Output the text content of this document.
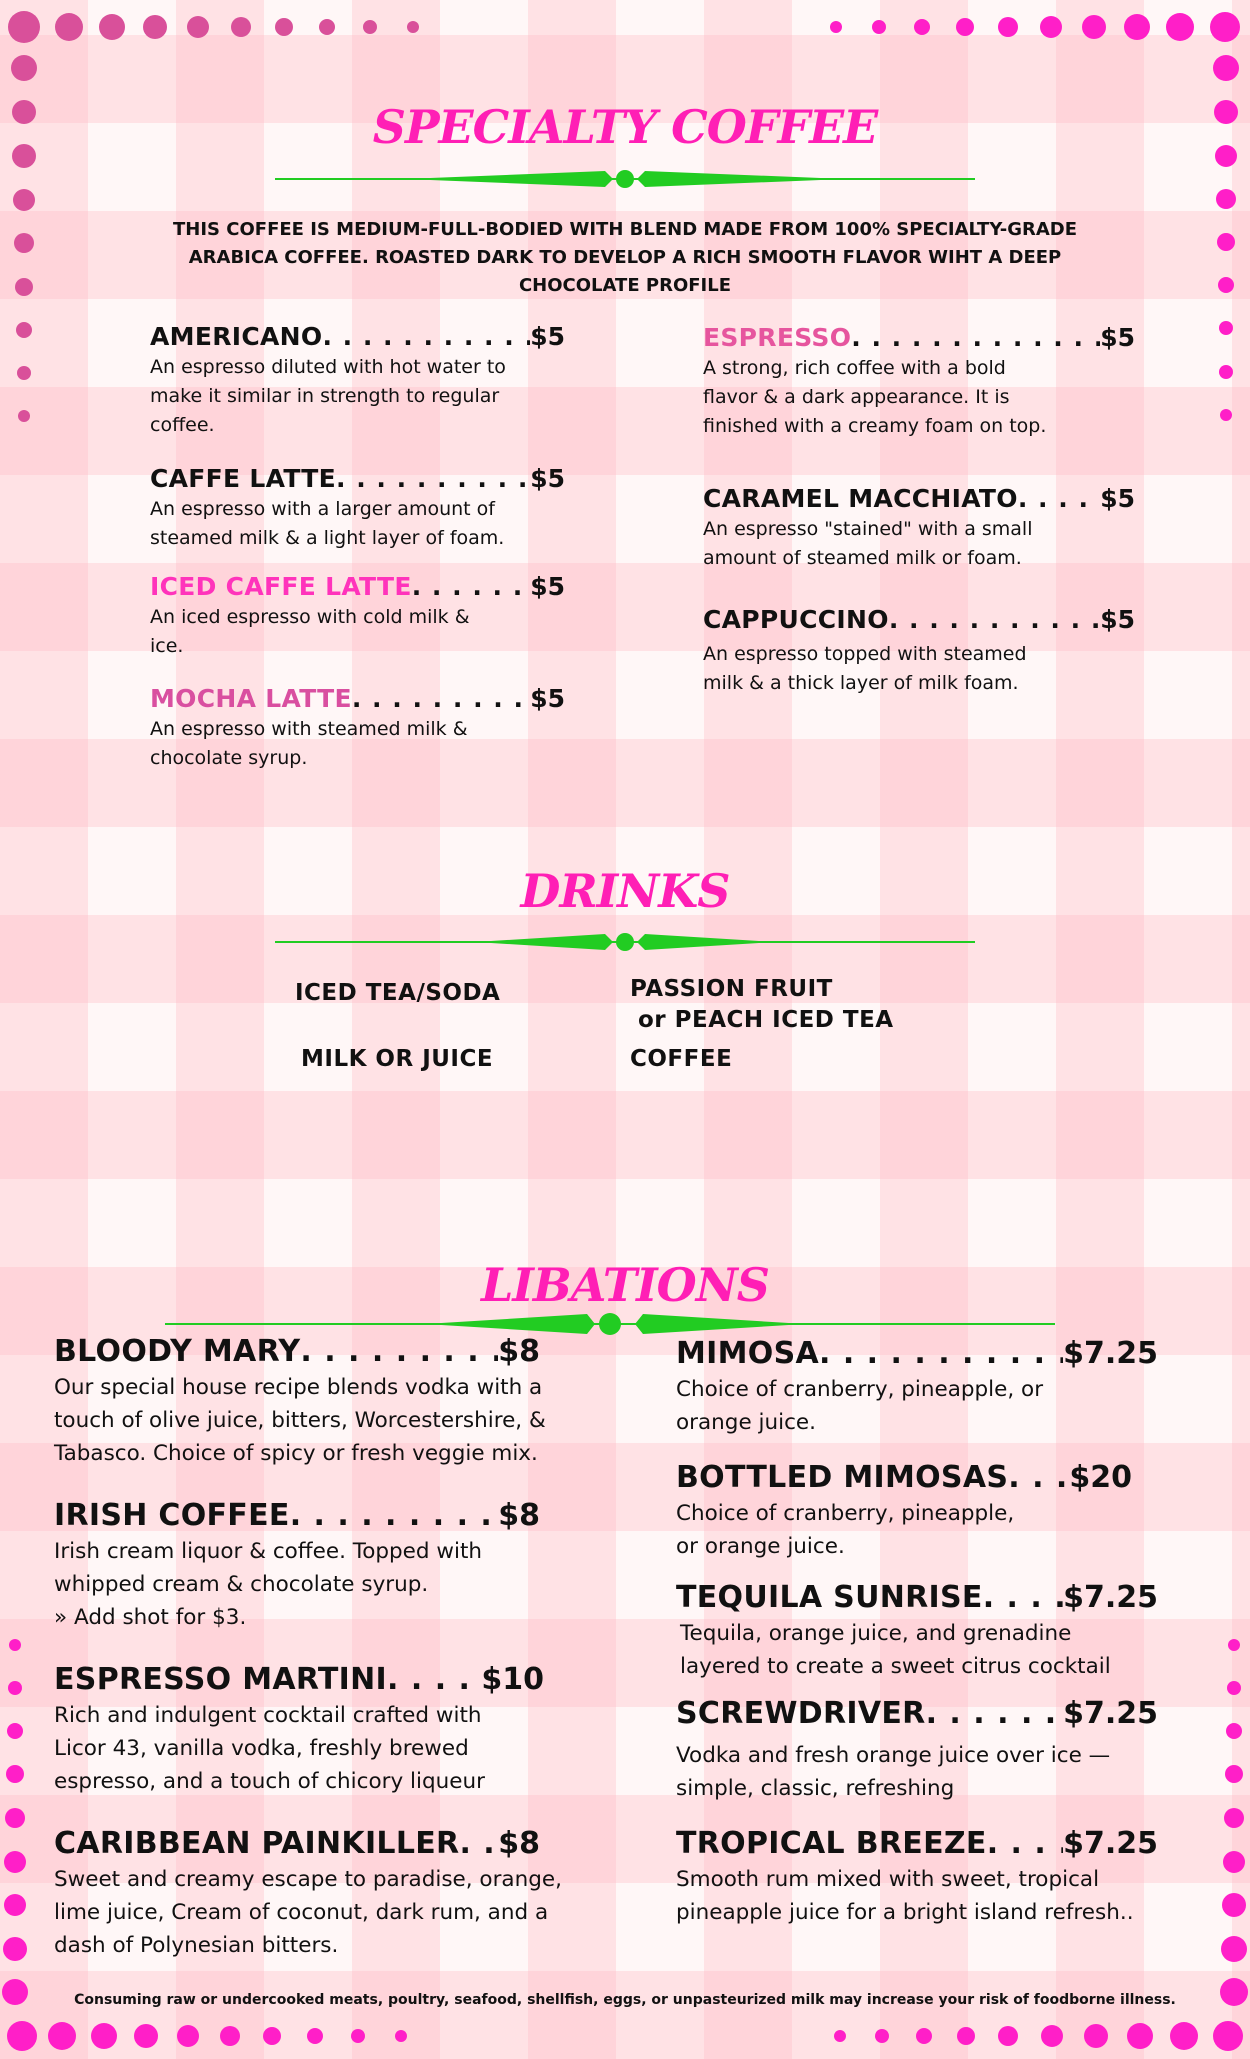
SPECIALTY COFFEE

THIS COFFEE IS MEDIUM-FULL-BODIED WITH BLEND MADE FROM 100% SPECIALTY-GRADE ARABICA COFFEE. ROASTED DARK TO DEVELOP A RICH SMOOTH FLAVOR WIHT A DEEP CHOCOLATE PROFILE

AMERICANO . . .	$5
An espresso diluted with hot water to make it similar in strength to regular coffee.
CAFFE LATTE . . .	$5
An espresso with a larger amount of steamed milk & a light layer of foam.
ICED CAFFE LATTE . . .	$5
An iced espresso with cold milk & ice.
MOCHA LATTE . . .	$5
An espresso with steamed milk & chocolate syrup.
ESPRESSO . . .	$5
A strong, rich coffee with a bold flavor & a dark appearance. It is finished with a creamy foam on top.
CARAMEL MACCHIATO . . .	$5
An espresso "stained" with a small amount of steamed milk or foam.
CAPPUCCINO . . .	$5
An espresso topped with steamed milk & a thick layer of milk foam.
DRINKS
ICED TEA/SODA
MILK OR JUICE
PASSION FRUIT
or PEACH ICED TEA
COFFEE
LIBATIONS
BLOODY MARY . . .	$8
Our special house recipe blends vodka with a touch of olive juice, bitters, Worcestershire, & Tabasco. Choice of spicy or fresh veggie mix.
IRISH COFFEE . . .	$8
Irish cream liquor & coffee. Topped with whipped cream & chocolate syrup.
» Add shot for $3.
ESPRESSO MARTINI . . .	$10
Rich and indulgent cocktail crafted with Licor 43, vanilla vodka, freshly brewed espresso, and a touch of chicory liqueur
CARIBBEAN PAINKILLER . . . $8
Sweet and creamy escape to paradise, orange, lime juice, Cream of coconut, dark rum, and a dash of Polynesian bitters.
MIMOSA . . .	$7.25
Choice of cranberry, pineapple, or orange juice.
BOTTLED MIMOSAS . . . $20
Choice of cranberry, pineapple, or orange juice.
TEQUILA SUNRISE . . .	$7.25
Tequila, orange juice, and grenadine layered to create a sweet citrus cocktail
SCREWDRIVER . . .	$7.25
Vodka and fresh orange juice over ice — simple, classic, refreshing
TROPICAL BREEZE . . .	$7.25
Smooth rum mixed with sweet, tropical pineapple juice for a bright island refresh..
Consuming raw or undercooked meats, poultry, seafood, shellfish, eggs, or unpasteurized milk may increase your risk of foodborne illness.
